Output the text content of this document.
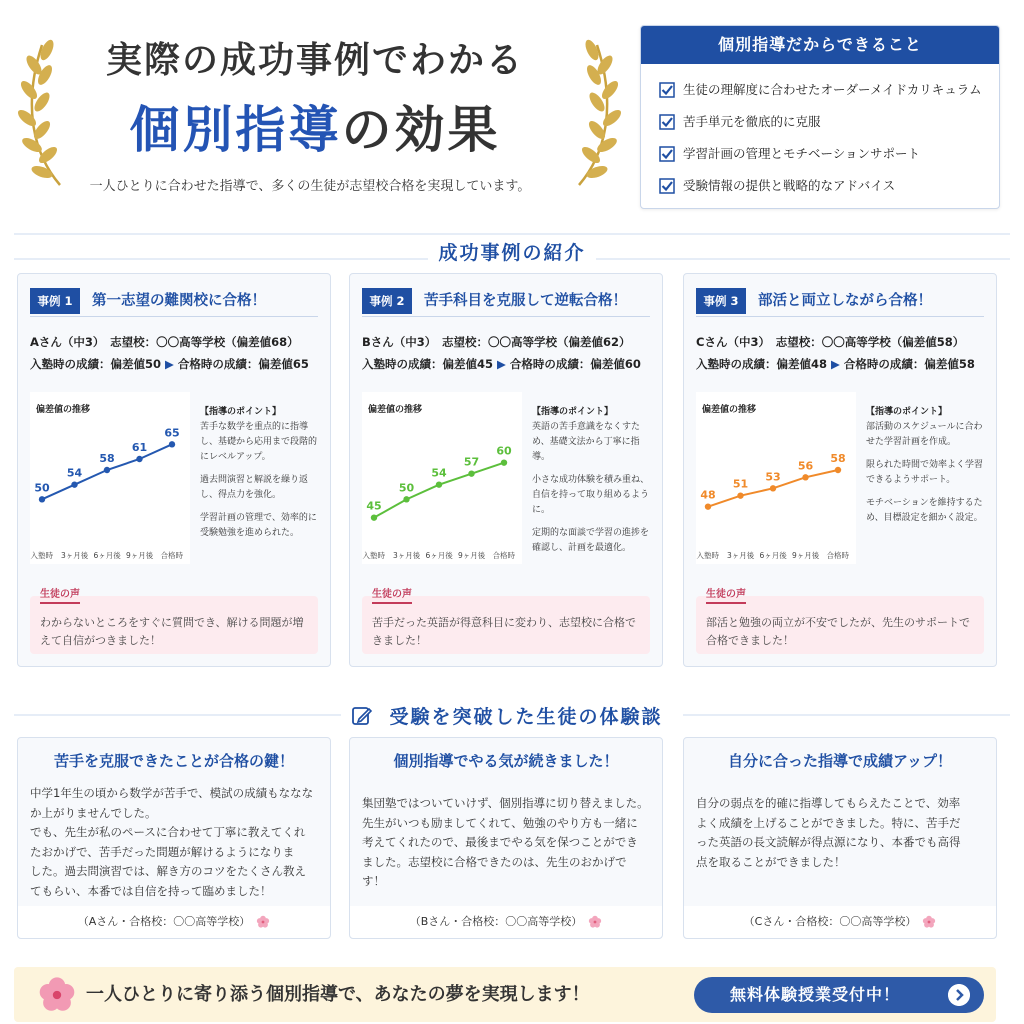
実際の成功事例でわかる
個別指導の効果
一人ひとりに合わせた指導で、多くの生徒が志望校合格を実現しています。
個別指導だからできること
生徒の理解度に合わせたオーダーメイドカリキュラム
苦手単元を徹底的に克服
学習計画の管理とモチベーションサポート
受験情報の提供と戦略的なアドバイス
成功事例の紹介
事例 1	第一志望の難関校に合格！
Aさん（中3）　志望校：〇〇高等学校（偏差値68）
入塾時の成績：偏差値50 ▶ 合格時の成績：偏差値65
偏差値の推移
50
54
58
61
65
入塾時 3ヶ月後 6ヶ月後 9ヶ月後 合格時
【指導のポイント】
苦手な数学を重点的に指導し、基礎から応用まで段階的にレベルアップ。
過去問演習と解説を繰り返し、得点力を強化。
学習計画の管理で、効率的に受験勉強を進められた。
生徒の声
わからないところをすぐに質問でき、解ける問題が増えて自信がつきました！
事例 2	苦手科目を克服して逆転合格！
Bさん（中3）　志望校：〇〇高等学校（偏差値62）
入塾時の成績：偏差値45 ▶ 合格時の成績：偏差値60
偏差値の推移
45
50
54
57
60
入塾時 3ヶ月後 6ヶ月後 9ヶ月後 合格時
【指導のポイント】
英語の苦手意識をなくすため、基礎文法から丁寧に指導。
小さな成功体験を積み重ね、自信を持って取り組めるように。
定期的な面談で学習の進捗を確認し、計画を最適化。
生徒の声
苦手だった英語が得意科目に変わり、志望校に合格できました！
事例 3	部活と両立しながら合格！
Cさん（中3）　志望校：〇〇高等学校（偏差値58）
入塾時の成績：偏差値48 ▶ 合格時の成績：偏差値58
偏差値の推移
48
51
53
56
58
入塾時 3ヶ月後 6ヶ月後 9ヶ月後 合格時
【指導のポイント】
部活動のスケジュールに合わせた学習計画を作成。
限られた時間で効率よく学習できるようサポート。
モチベーションを維持するため、目標設定を細かく設定。
生徒の声
部活と勉強の両立が不安でしたが、先生のサポートで合格できました！
受験を突破した生徒の体験談
苦手を克服できたことが合格の鍵！
中学1年生の頃から数学が苦手で、模試の成績もななな
か上がりませんでした。
でも、先生が私のペースに合わせて丁寧に教えてくれ
たおかげで、苦手だった問題が解けるようになりま
した。過去問演習では、解き方のコツをたくさん教え
てもらい、本番では自信を持って臨めました！
（Aさん・合格校：〇〇高等学校）
個別指導でやる気が続きました！
集団塾ではついていけず、個別指導に切り替えました。
先生がいつも励ましてくれて、勉強のやり方も一緒に
考えてくれたので、最後までやる気を保つことができ
ました。志望校に合格できたのは、先生のおかげで
す！
（Bさん・合格校：〇〇高等学校）
自分に合った指導で成績アップ！
自分の弱点を的確に指導してもらえたことで、効率
よく成績を上げることができました。特に、苦手だ
った英語の長文読解が得点源になり、本番でも高得
点を取ることができました！
（Cさん・合格校：〇〇高等学校）
一人ひとりに寄り添う個別指導で、あなたの夢を実現します！	無料体験授業受付中！
